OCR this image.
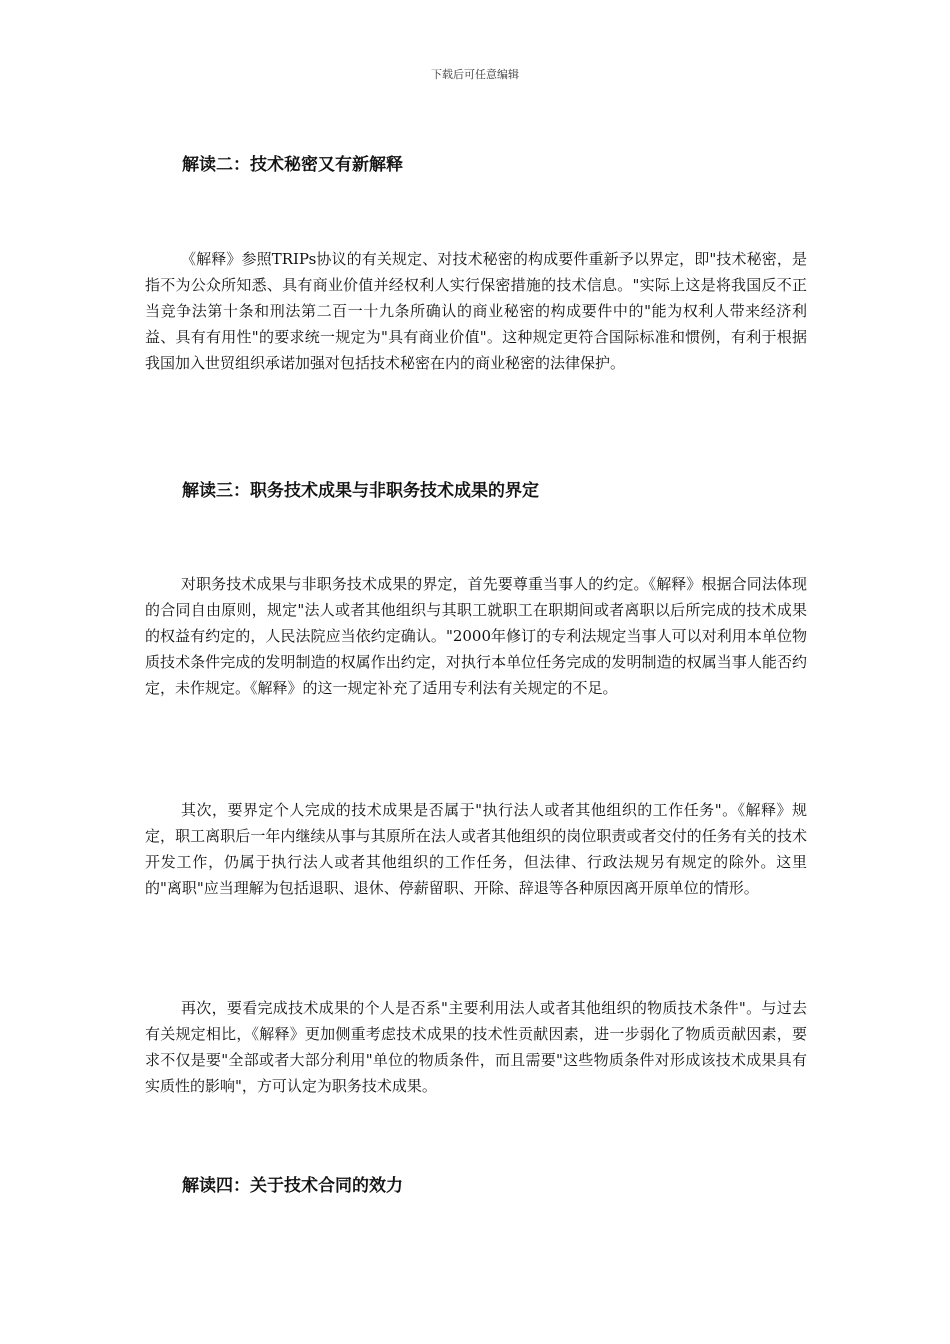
下载后可任意编辑
解读二：技术秘密又有新解释
《解释》参照TRIPs协议的有关规定、对技术秘密的构成要件重新予以界定，即"技术秘密，是指不为公众所知悉、具有商业价值并经权利人实行保密措施的技术信息。"实际上这是将我国反不正当竞争法第十条和刑法第二百一十九条所确认的商业秘密的构成要件中的"能为权利人带来经济利益、具有有用性"的要求统一规定为"具有商业价值"。这种规定更符合国际标准和惯例，有利于根据我国加入世贸组织承诺加强对包括技术秘密在内的商业秘密的法律保护。
解读三：职务技术成果与非职务技术成果的界定
对职务技术成果与非职务技术成果的界定，首先要尊重当事人的约定。《解释》根据合同法体现的合同自由原则，规定"法人或者其他组织与其职工就职工在职期间或者离职以后所完成的技术成果的权益有约定的，人民法院应当依约定确认。"2000年修订的专利法规定当事人可以对利用本单位物质技术条件完成的发明制造的权属作出约定，对执行本单位任务完成的发明制造的权属当事人能否约定，未作规定。《解释》的这一规定补充了适用专利法有关规定的不足。
其次，要界定个人完成的技术成果是否属于"执行法人或者其他组织的工作任务"。《解释》规定，职工离职后一年内继续从事与其原所在法人或者其他组织的岗位职责或者交付的任务有关的技术开发工作，仍属于执行法人或者其他组织的工作任务，但法律、行政法规另有规定的除外。这里的"离职"应当理解为包括退职、退休、停薪留职、开除、辞退等各种原因离开原单位的情形。
再次，要看完成技术成果的个人是否系"主要利用法人或者其他组织的物质技术条件"。与过去有关规定相比，《解释》更加侧重考虑技术成果的技术性贡献因素，进一步弱化了物质贡献因素，要求不仅是要"全部或者大部分利用"单位的物质条件，而且需要"这些物质条件对形成该技术成果具有实质性的影响"，方可认定为职务技术成果。
解读四：关于技术合同的效力
